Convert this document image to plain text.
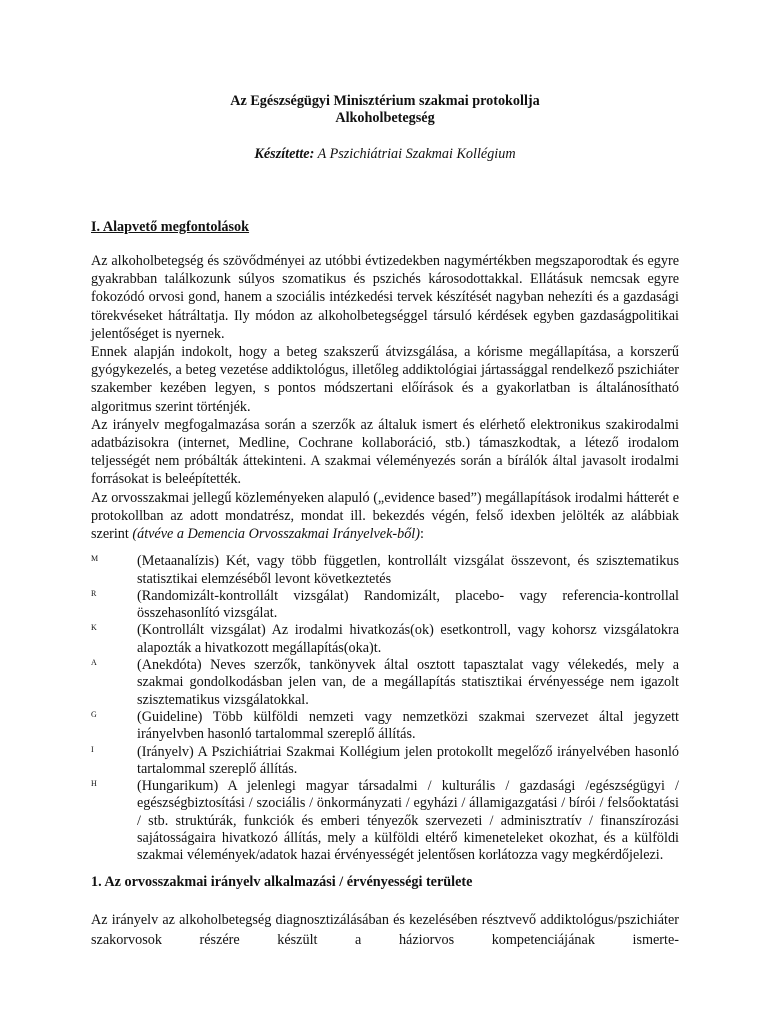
Az Egészségügyi Minisztérium szakmai protokollja
Alkoholbetegség
Készítette: A Pszichiátriai Szakmai Kollégium
I. Alapvető megfontolások

Az alkoholbetegség és szövődményei az utóbbi évtizedekben nagymértékben megszaporodtak és egyre gyakrabban találkozunk súlyos szomatikus és pszichés károsodottakkal. Ellátásuk nemcsak egyre fokozódó orvosi gond, hanem a szociális intézkedési tervek készítését nagyban nehezíti és a gazdasági törekvéseket hátráltatja. Ily módon az alkoholbetegséggel társuló kérdések egyben gazdaságpolitikai jelentőséget is nyernek.

Ennek alapján indokolt, hogy a beteg szakszerű átvizsgálása, a kórisme megállapítása, a korszerű gyógykezelés, a beteg vezetése addiktológus, illetőleg addiktológiai jártassággal rendelkező pszichiáter szakember kezében legyen, s pontos módszertani előírások és a gyakorlatban is általánosítható algoritmus szerint történjék.

Az irányelv megfogalmazása során a szerzők az általuk ismert és elérhető elektronikus szakirodalmi adatbázisokra (internet, Medline, Cochrane kollaboráció, stb.) támaszkodtak, a létező irodalom teljességét nem próbálták áttekinteni. A szakmai véleményezés során a bírálók által javasolt irodalmi forrásokat is beleépítették.

Az orvosszakmai jellegű közleményeken alapuló („evidence based”) megállapítások irodalmi hátterét e protokollban az adott mondatrész, mondat ill. bekezdés végén, felső idexben jelölték az alábbiak szerint (átvéve a Demencia Orvosszakmai Irányelvek-ből):

M	(Metaanalízis) Két, vagy több független, kontrollált vizsgálat összevont, és szisztematikus statisztikai elemzéséből levont következtetés
R	(Randomizált-kontrollált vizsgálat) Randomizált, placebo- vagy referencia-kontrollal összehasonlító vizsgálat.
K	(Kontrollált vizsgálat) Az irodalmi hivatkozás(ok) esetkontroll, vagy kohorsz vizsgálatokra alapozták a hivatkozott megállapítás(oka)t.
A	(Anekdóta) Neves szerzők, tankönyvek által osztott tapasztalat vagy vélekedés, mely a szakmai gondolkodásban jelen van, de a megállapítás statisztikai érvényessége nem igazolt szisztematikus vizsgálatokkal.
G	(Guideline) Több külföldi nemzeti vagy nemzetközi szakmai szervezet által jegyzett irányelvben hasonló tartalommal szereplő állítás.
I	(Irányelv) A Pszichiátriai Szakmai Kollégium jelen protokollt megelőző irányelvében hasonló tartalommal szereplő állítás.
H	(Hungarikum) A jelenlegi magyar társadalmi / kulturális / gazdasági /egészségügyi / egészségbiztosítási / szociális / önkormányzati / egyházi / államigazgatási / bírói / felsőoktatási / stb. struktúrák, funkciók és emberi tényezők szervezeti / adminisztratív / finanszírozási sajátosságaira hivatkozó állítás, mely a külföldi eltérő kimeneteleket okozhat, és a külföldi szakmai vélemények/adatok hazai érvényességét jelentősen korlátozza vagy megkérdőjelezi.
1. Az orvosszakmai irányelv alkalmazási / érvényességi területe

Az irányelv az alkoholbetegség diagnosztizálásában és kezelésében résztvevő addiktológus/pszichiáter szakorvosok részére készült a háziorvos kompetenciájának ismerte-
